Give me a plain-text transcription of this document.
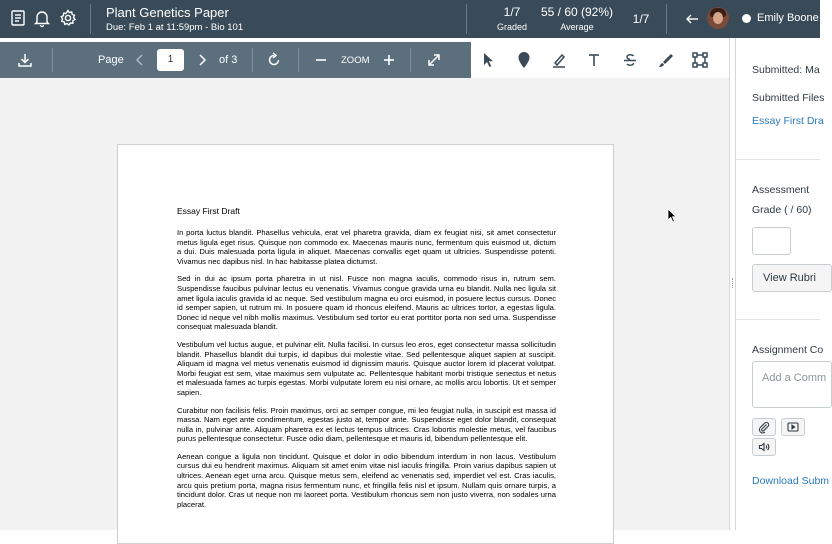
Plant Genetics Paper
Due: Feb 1 at 11:59pm - Bio 101
1/7
Graded
55 / 60 (92%)
Average
1/7	Emily Boone
Page	of 3	ZOOM
1
Essay First Draft
In porta luctus blandit. Phasellus vehicula, erat vel pharetra gravida, diam ex feugiat nisi, sit amet consectetur metus ligula eget risus. Quisque non commodo ex. Maecenas mauris nunc, fermentum quis euismod ut, dictum a dui. Duis malesuada porta ligula in aliquet. Maecenas convallis eget quam ut ultricies. Suspendisse potenti. Vivamus nec dapibus nisl. In hac habitasse platea dictumst.
Sed in dui ac ipsum porta pharetra in ut nisl. Fusce non magna iaculis, commodo risus in, rutrum sem. Suspendisse faucibus pulvinar lectus eu venenatis. Vivamus congue gravida urna eu blandit. Nulla nec ligula sit amet ligula iaculis gravida id ac neque. Sed vestibulum magna eu orci euismod, in posuere lectus cursus. Donec id semper sapien, ut rutrum mi. In posuere quam id rhoncus eleifend. Mauris ac ultrices tortor, a egestas ligula. Donec id neque vel nibh mollis maximus. Vestibulum sed tortor eu erat porttitor porta non sed urna. Suspendisse consequat malesuada blandit.
Vestibulum vel luctus augue, et pulvinar elit. Nulla facilisi. In cursus leo eros, eget consectetur massa sollicitudin blandit. Phasellus blandit dui turpis, id dapibus dui molestie vitae. Sed pellentesque aliquet sapien at suscipit. Aliquam id magna vel metus venenatis euismod id dignissim mauris. Quisque auctor lorem id placerat volutpat. Morbi feugiat est sem, vitae maximus sem vulputate ac. Pellentesque habitant morbi tristique senectus et netus et malesuada fames ac turpis egestas. Morbi vulputate lorem eu nisi ornare, ac mollis arcu lobortis. Ut et semper sapien.
Curabitur non facilisis felis. Proin maximus, orci ac semper congue, mi leo feugiat nulla, in suscipit est massa id massa. Nam eget ante condimentum, egestas justo at, tempor ante. Suspendisse eget dolor blandit, consequat nulla in, pulvinar ante. Aliquam pharetra ex et lectus tempus ultrices. Cras lobortis molestie metus, vel faucibus purus pellentesque consectetur. Fusce odio diam, pellentesque et mauris id, bibendum pellentesque elit.
Aenean congue a ligula non tincidunt. Quisque et dolor in odio bibendum interdum in non lacus. Vestibulum cursus dui eu hendrerit maximus. Aliquam sit amet enim vitae nisl iaculis fringilla. Proin varius dapibus sapien ut ultrices. Aenean eget urna arcu. Quisque metus sem, eleifend ac venenatis sed, imperdiet vel est. Cras iaculis, arcu quis pretium porta, magna risus fermentum nunc, et fringilla felis nisl et ipsum. Nullam quis ornare turpis, a tincidunt dolor. Cras ut neque non mi laoreet porta. Vestibulum rhoncus sem non justo viverra, non sodales urna placerat.
Submitted: Ma
Submitted Files
Essay First Dra
Assessment
Grade ( / 60)
View Rubri
Assignment Co
Add a Comm
Download Subm
